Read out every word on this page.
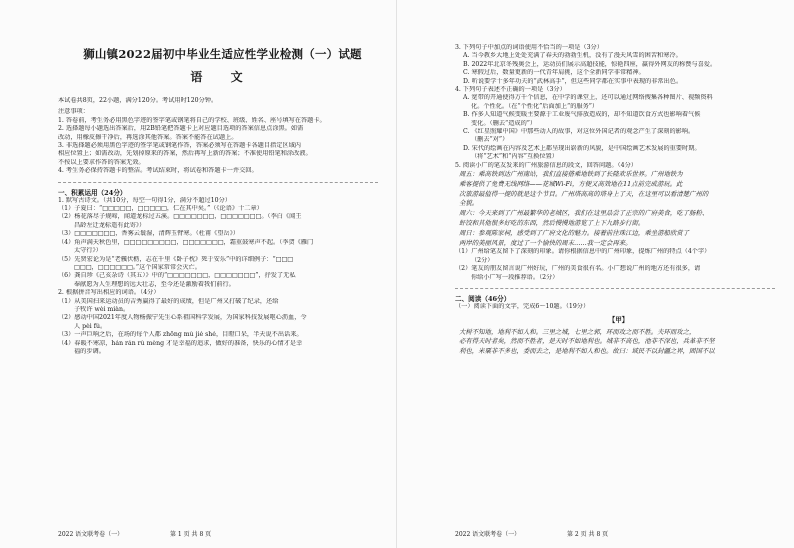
狮山镇2022届初中毕业生适应性学业检测（一）试题
语 文
本试卷共8页，22小题，满分120分。考试用时120分钟。
注意事项：
1. 答卷前，考生务必用黑色字迹的签字笔或钢笔将自己的学校、班级、姓名、座号填写在答题卡。
2. 选择题每小题选出答案后，用2B铅笔把答题卡上对应题目选项的答案信息点涂黑。如需
改动，用橡皮擦干净后，再选涂其他答案。答案不能答在试题上。
3. 非选择题必须用黑色字迹的签字笔或钢笔作答，答案必须写在答题卡各题目指定区域内
相应位置上；如需改动，先划掉原来的答案，然后再写上新的答案；不准使用铅笔和涂改液。
不按以上要求作答的答案无效。
4. 考生务必保持答题卡的整洁。考试结束时，将试卷和答题卡一并交回。
一、积累运用（24分）
1. 默写古诗文。（共10分，每空一句得1分，满分不超过10分）
（1）子夏曰：“□□□□□，□□□□□，仁在其中矣。”（《论语》十二章）
（2）杨花落尽子规啼，闻道龙标过五溪。□□□□□□□，□□□□□□□。（李白《闻王
昌龄左迁龙标遥有此寄》）
（3）□□□□□□□，香雾云鬟湿，清辉玉臂寒。（杜甫《望岳》）
（4）角声满天秋色里，□□□□□□□□□，□□□□□□□，霜重鼓寒声不起。（李贺《雁门
太守行》）
（5）先贤宏论为是“老骥伏枥，志在千里《卧子枕》死于安乐”中的详细例子：“□□□
□□□，□□□□□□。”这个国家常常会灭亡。
（6）龚自珍《己亥杂诗（其五）》中的“□□□□□□□，□□□□□□□”，抒发了无私
奉献愿为人生理想的远大壮志，至今还是激励着我们前行。
2. 根据拼音写出相应的词语。（4分）
（1）从美国扫来运动员的吉秀赢得了最好的成绩，但是广州又打破了纪录，还给
子牧许 wèi miàn。
（2）感动中国2021年度人物杨振宁先生心系祖国科学发展，为国家科技发展呕心沥血，令
人 pèi fú。
（3）一声巨响之后，在场的每个人都 zhōng mù jié shé，目瞪口呆，半天说不出话来。
（4）春暖不寒凉，hán rán rù mèng 才是幸福的追求，做好的准备，快乐的心情才是幸
福的步调。
2022 语文联考卷（一）	第 1 页 共 8 页
3. 下列句子中加点的词语使用不恰当的一项是（3分）
A. 当今教乡大地上处处充满了春天的勃勃生机，没有了漫天风雪的困苦和寒冷。
B. 2022年北京冬残奥会上，运动员们展示高超技能，惊艳四座，赢得外网友的称赞与喜爱。
C. 寒假过后，数量更新的一代青年肩挑，这个全新同学非常精神。
D. 听说要学十多年功夫的“武林高手”，但这些同学都在实事中表现的非常出色。
4. 下列句子表述不正确的一项是（3分）
A. 宽带的开通使得万千个信息，在中学的课堂上，还可以通过网络搜集各种图片、视频资料
化。个性化。（在“个性化”后面加上“的服务”）
B. 作多人知道气候变暖主要源于工业废气排放造成的，却不知道饮食方式也影响着气候
变化。（删去“造成的”）
C. 《红星照耀中国》中那些动人的故事，对这位外国记者的观念产生了深刻的影响。
（删去“对”）
D. 宋代的绘画在内容及艺术上都呈现出崭新的风貌，是中国绘画艺术发展的重要时期。
（将“艺术”和“内容”互换位置）
5. 阅读小广的笔友发来的广州旅游信息的段文，回答问题。（4分）
周五：乘高铁到达广州南站，我们直接搭乘地铁到了长隆欢乐世界。广州地铁为
乘客提供了免费无线网络——花城Wi-Fi，方便又高效地在11点前完成游玩。此
次旅游最值得一提的就是这个节目。广州塔高高的塔身上了天，在这里可以看清楚广州的
全貌。
周六：今天来到了广州最繁华的老城区，我们在这里品尝了正宗的广府美食，吃了肠粉、
虾饺和其他很多好吃的东西，然后慢慢地游览了上下九路步行街。
周日：参观陈家祠，感受到了广府文化的魅力。接着前往珠江边，乘坐游船欣赏了
两岸的美丽风景，度过了一个愉快的周末……我一定会再来。
（1）广州给笔友留下了深刻的印象。请你根据信息中的广州印象，提炼广州的特点（4个字）
（2分）
（2）笔友的朋友留言说广州好玩，广州的美食很有名。小广想说广州的地方还有很多，请
你给小广写一段推荐语。（2分）
二、阅读（46分）
（一）阅读下面的文字，完成6～10题。（19分）
【甲】
大树不知地，地利不如人和。三里之城，七里之郭，环而攻之而不胜。夫环而攻之，
必有得天时者矣，然而不胜者，是天时不如地利也。城非不高也，池非不深也，兵革非不坚
利也，米粟非不多也，委而去之，是地利不如人和也。故曰：域民不以封疆之界，固国不以
2022 语文联考卷（一）	第 2 页 共 8 页
